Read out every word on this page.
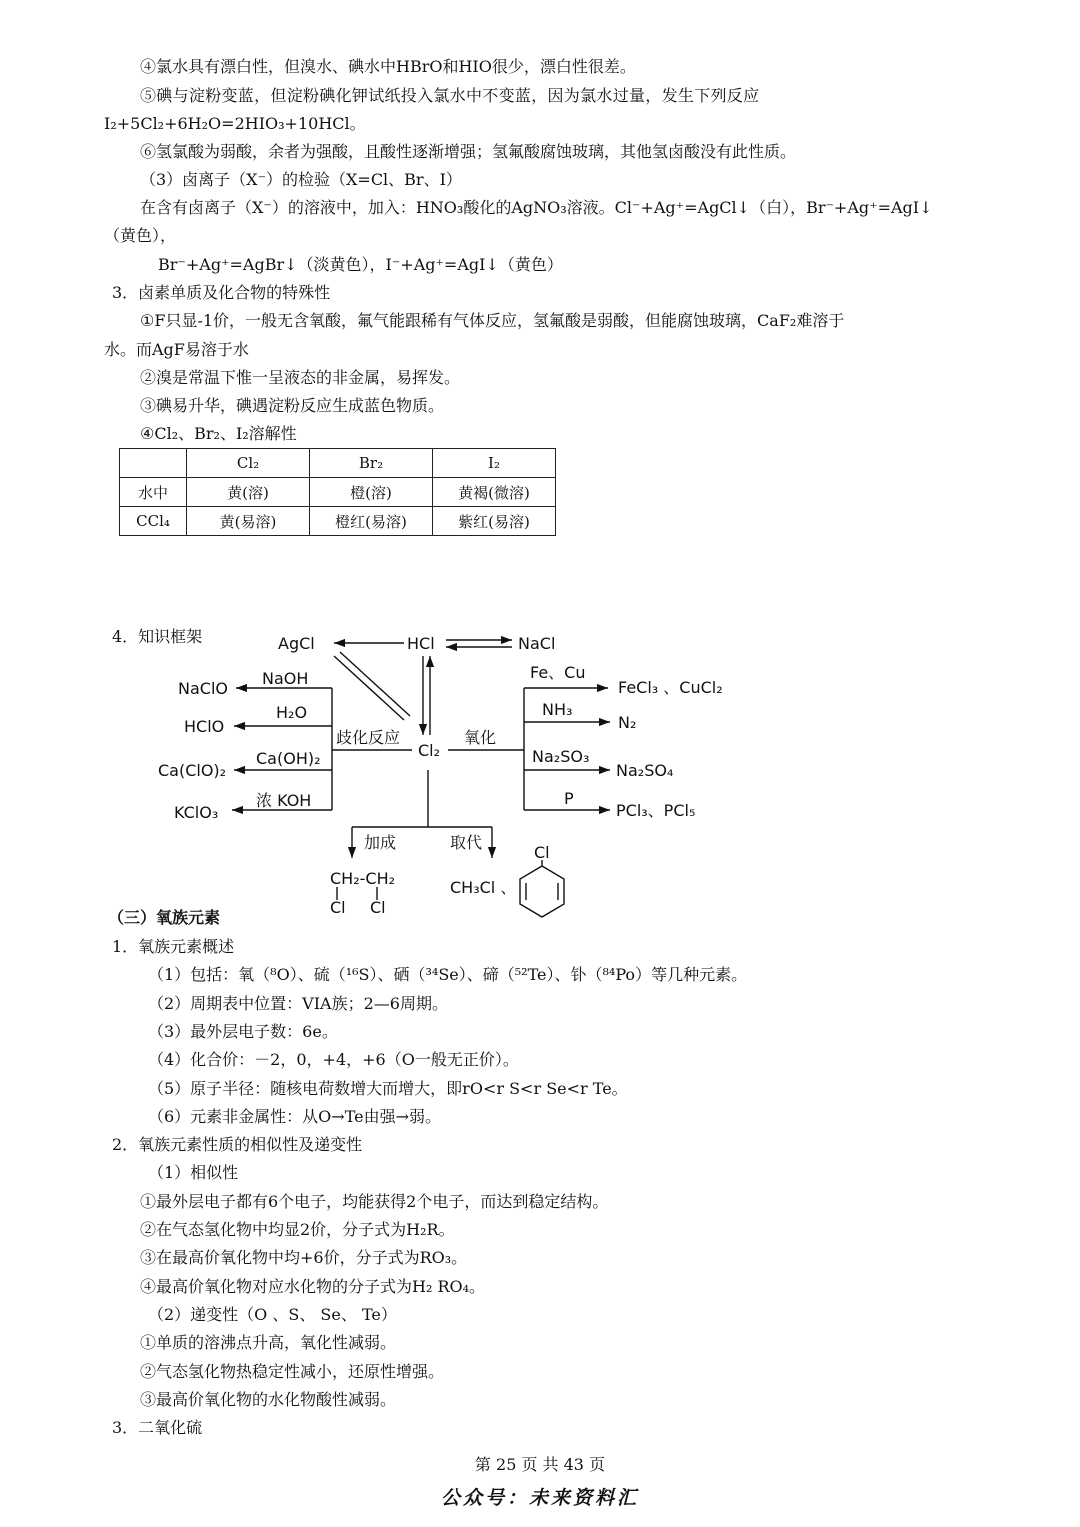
④氯水具有漂白性，但溴水、碘水中HBrO和HIO很少，漂白性很差。
⑤碘与淀粉变蓝，但淀粉碘化钾试纸投入氯水中不变蓝，因为氯水过量，发生下列反应
I₂+5Cl₂+6H₂O=2HIO₃+10HCl。
⑥氢氯酸为弱酸，余者为强酸，且酸性逐渐增强；氢氟酸腐蚀玻璃，其他氢卤酸没有此性质。
（3）卤离子（X⁻）的检验（X=Cl、Br、I）
在含有卤离子（X⁻）的溶液中，加入：HNO₃酸化的AgNO₃溶液。Cl⁻+Ag⁺=AgCl↓（白），Br⁻+Ag⁺=AgI↓
（黄色），
Br⁻+Ag⁺=AgBr↓（淡黄色），I⁻+Ag⁺=AgI↓（黄色）
3．卤素单质及化合物的特殊性
①F只显-1价，一般无含氧酸，氟气能跟稀有气体反应，氢氟酸是弱酸，但能腐蚀玻璃，CaF₂难溶于
水。而AgF易溶于水
②溴是常温下惟一呈液态的非金属，易挥发。
③碘易升华，碘遇淀粉反应生成蓝色物质。
④Cl₂、Br₂、I₂溶解性
	Cl₂	Br₂	I₂
水中	黄(溶)	橙(溶)	黄褐(微溶)
CCl₄	黄(易溶)	橙红(易溶)	紫红(易溶)
4．知识框架	AgCl	HCl	NaCl
Cl₂
NaOH
NaClO
H₂O
HClO
Ca(OH)₂
Ca(ClO)₂
浓 KOH
KClO₃
歧化反应	氧化
Fe、Cu
FeCl₃ 、CuCl₂
NH₃
N₂
Na₂SO₃
Na₂SO₄
P
PCl₃、PCl₅
加成	取代
CH₂-CH₂
Cl Cl
CH₃Cl 、
Cl
（三）氧族元素
1．氧族元素概述
（1）包括：氧（⁸O）、硫（¹⁶S）、硒（³⁴Se）、碲（⁵²Te）、钋（⁸⁴Po）等几种元素。
（2）周期表中位置：VIA族；2—6周期。
（3）最外层电子数：6e。
（4）化合价：－2，0，+4，+6（O一般无正价）。
（5）原子半径：随核电荷数增大而增大，即rO<r S<r Se<r Te。
（6）元素非金属性：从O→Te由强→弱。
2．氧族元素性质的相似性及递变性
（1）相似性
①最外层电子都有6个电子，均能获得2个电子，而达到稳定结构。
②在气态氢化物中均显2价，分子式为H₂R。
③在最高价氧化物中均+6价，分子式为RO₃。
④最高价氧化物对应水化物的分子式为H₂ RO₄。
（2）递变性（O 、S、 Se、 Te）
①单质的溶沸点升高，氧化性减弱。
②气态氢化物热稳定性减小，还原性增强。
③最高价氧化物的水化物酸性减弱。
3．二氧化硫
第 25 页 共 43 页
公众号：未来资料汇
